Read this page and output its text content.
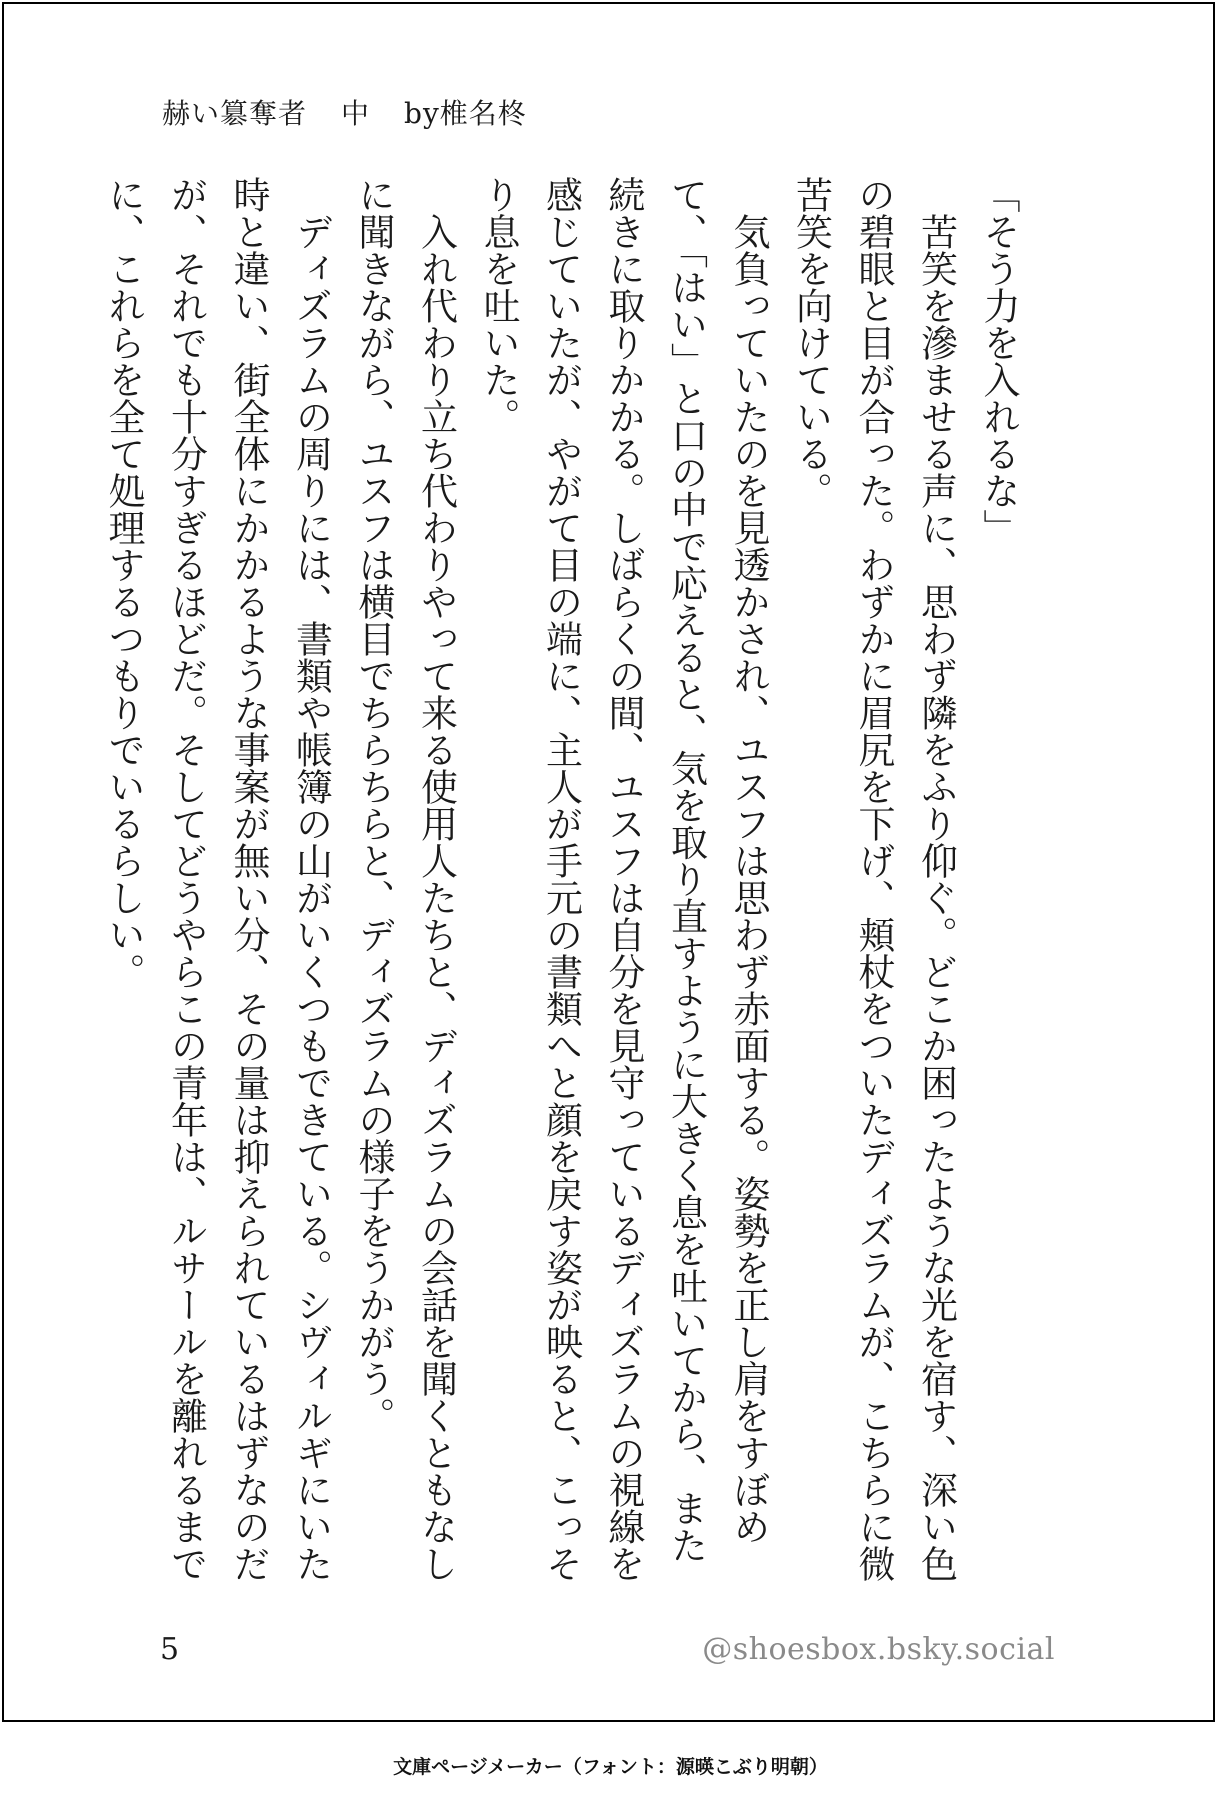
赫い簒奪者 中 by椎名柊

「そう力を入れるな」

苦笑を滲ませる声に、思わず隣をふり仰ぐ。どこか困ったような光を宿す、深い色の碧眼と目が合った。わずかに眉尻を下げ、頬杖をついたディズラムが、こちらに微苦笑を向けている。

気負っていたのを見透かされ、ユスフは思わず赤面する。姿勢を正し肩をすぼめて、「はい」と口の中で応えると、気を取り直すように大きく息を吐いてから、また続きに取りかかる。しばらくの間、ユスフは自分を見守っているディズラムの視線を感じていたが、やがて目の端に、主人が手元の書類へと顔を戻す姿が映ると、こっそり息を吐いた。

入れ代わり立ち代わりやって来る使用人たちと、ディズラムの会話を聞くともなしに聞きながら、ユスフは横目でちらちらと、ディズラムの様子をうかがう。

ディズラムの周りには、書類や帳簿の山がいくつもできている。シヴィルギにいた時と違い、街全体にかかるような事案が無い分、その量は抑えられているはずなのだが、それでも十分すぎるほどだ。そしてどうやらこの青年は、ルサールを離れるまでに、これらを全て処理するつもりでいるらしい。

5	@shoesbox.bsky.social
文庫ページメーカー（フォント：源暎こぶり明朝）
